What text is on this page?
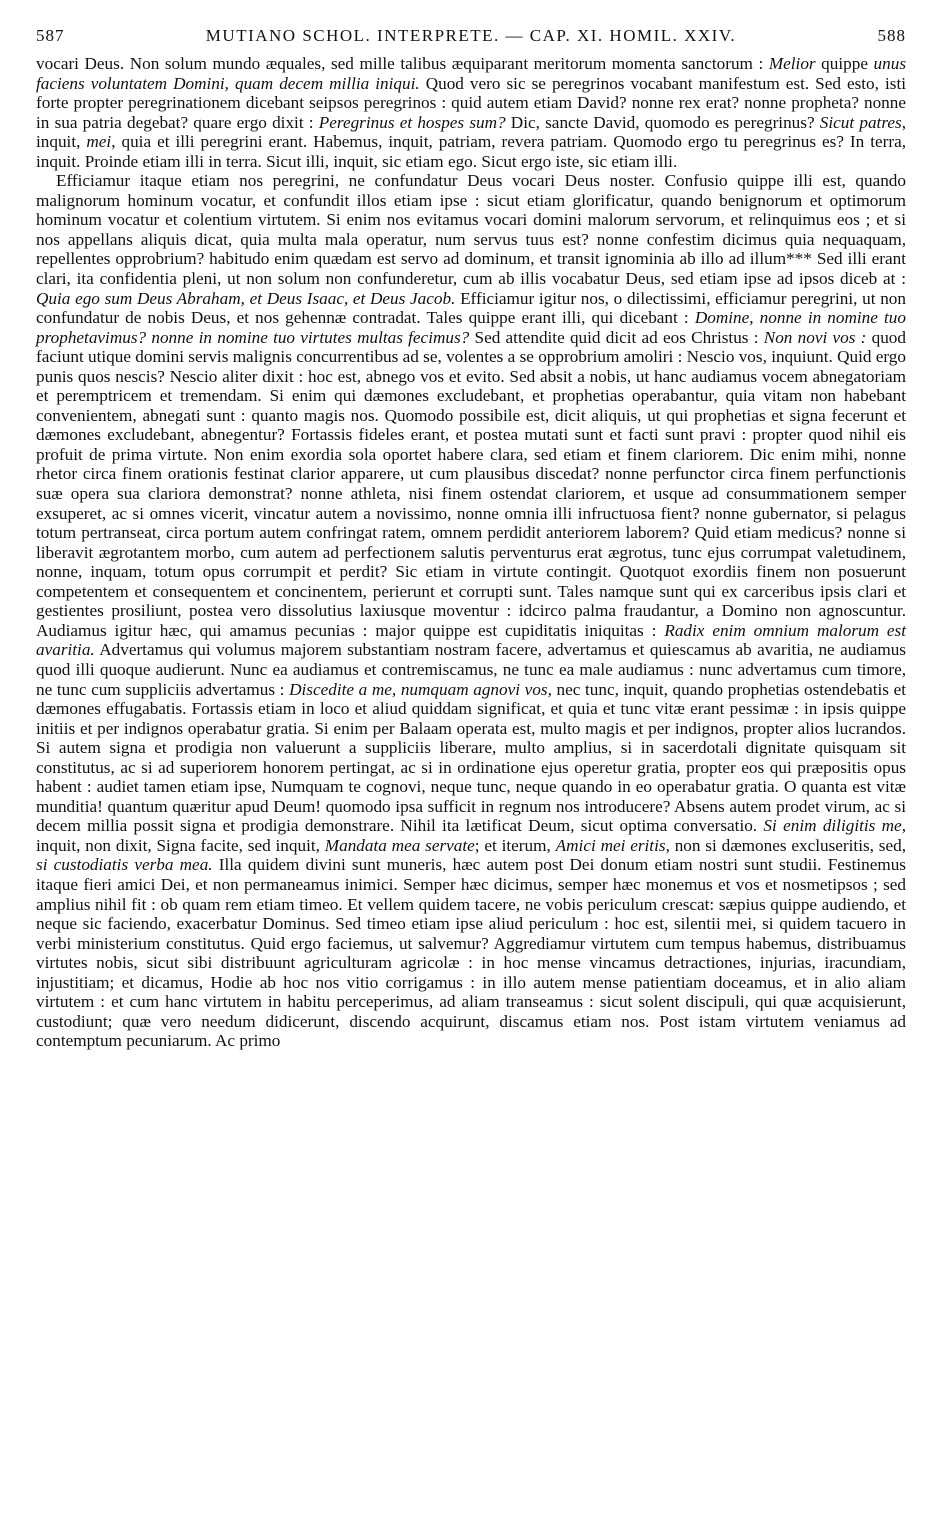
587	MUTIANO SCHOL. INTERPRETE. — CAP. XI. HOMIL. XXIV.	588

vocari Deus. Non solum mundo æquales, sed mille talibus æquiparant meritorum momenta sanctorum : Melior quippe unus faciens voluntatem Domini, quam decem millia iniqui. Quod vero sic se peregrinos vocabant manifestum est. Sed esto, isti forte propter peregrinationem dicebant seipsos peregrinos : quid autem etiam David? nonne rex erat? nonne propheta? nonne in sua patria degebat? quare ergo dixit : Peregrinus et hospes sum? Dic, sancte David, quomodo es peregrinus? Sicut patres, inquit, mei, quia et illi peregrini erant. Habemus, inquit, patriam, revera patriam. Quomodo ergo tu peregrinus es? In terra, inquit. Proinde etiam illi in terra. Sicut illi, inquit, sic etiam ego. Sicut ergo iste, sic etiam illi.

Efficiamur itaque etiam nos peregrini, ne confundatur Deus vocari Deus noster. Confusio quippe illi est, quando malignorum hominum vocatur, et confundit illos etiam ipse : sicut etiam glorificatur, quando benignorum et optimorum hominum vocatur et colentium virtutem. Si enim nos evitamus vocari domini malorum servorum, et relinquimus eos ; et si nos appellans aliquis dicat, quia multa mala operatur, num servus tuus est? nonne confestim dicimus quia nequaquam, repellentes opprobrium? habitudo enim quædam est servo ad dominum, et transit ignominia ab illo ad illum*** Sed illi erant clari, ita confidentia pleni, ut non solum non confunderetur, cum ab illis vocabatur Deus, sed etiam ipse ad ipsos diceb at : Quia ego sum Deus Abraham, et Deus Isaac, et Deus Jacob. Efficiamur igitur nos, o dilectissimi, efficiamur peregrini, ut non confundatur de nobis Deus, et nos gehennæ contradat. Tales quippe erant illi, qui dicebant : Domine, nonne in nomine tuo prophetavimus? nonne in nomine tuo virtutes multas fecimus? Sed attendite quid dicit ad eos Christus : Non novi vos : quod faciunt utique domini servis malignis concurrentibus ad se, volentes a se opprobrium amoliri : Nescio vos, inquiunt. Quid ergo punis quos nescis? Nescio aliter dixit : hoc est, abnego vos et evito. Sed absit a nobis, ut hanc audiamus vocem abnegatoriam et peremptricem et tremendam. Si enim qui dæmones excludebant, et prophetias operabantur, quia vitam non habebant convenientem, abnegati sunt : quanto magis nos. Quomodo possibile est, dicit aliquis, ut qui prophetias et signa fecerunt et dæmones excludebant, abnegentur? Fortassis fideles erant, et postea mutati sunt et facti sunt pravi : propter quod nihil eis profuit de prima virtute. Non enim exordia sola oportet habere clara, sed etiam et finem clariorem. Dic enim mihi, nonne rhetor circa finem orationis festinat clarior apparere, ut cum plausibus discedat? nonne perfunctor circa finem perfunctionis suæ opera sua clariora demonstrat? nonne athleta, nisi finem ostendat clariorem, et usque ad consummationem semper exsuperet, ac si omnes vicerit, vincatur autem a novissimo, nonne omnia illi infructuosa fient? nonne gubernator, si pelagus totum pertranseat, circa portum autem confringat ratem, omnem perdidit anteriorem laborem? Quid etiam medicus? nonne si liberavit ægrotantem morbo, cum autem ad perfectionem salutis perventurus erat ægrotus, tunc ejus corrumpat valetudinem, nonne, inquam, totum opus corrumpit et perdit? Sic etiam in virtute contingit. Quotquot exordiis finem non posuerunt competentem et consequentem et concinentem, perierunt et corrupti sunt. Tales namque sunt qui ex carceribus ipsis clari et gestientes prosiliunt, postea vero dissolutius laxiusque moventur : idcirco palma fraudantur, a Domino non agnoscuntur. Audiamus igitur hæc, qui amamus pecunias : major quippe est cupiditatis iniquitas : Radix enim omnium malorum est avaritia. Advertamus qui volumus majorem substantiam nostram facere, advertamus et quiescamus ab avaritia, ne audiamus quod illi quoque audierunt. Nunc ea audiamus et contremiscamus, ne tunc ea male audiamus : nunc advertamus cum timore, ne tunc cum suppliciis advertamus : Discedite a me, numquam agnovi vos, nec tunc, inquit, quando prophetias ostendebatis et dæmones effugabatis. Fortassis etiam in loco et aliud quiddam significat, et quia et tunc vitæ erant pessimæ : in ipsis quippe initiis et per indignos operabatur gratia. Si enim per Balaam operata est, multo magis et per indignos, propter alios lucrandos. Si autem signa et prodigia non valuerunt a suppliciis liberare, multo amplius, si in sacerdotali dignitate quisquam sit constitutus, ac si ad superiorem honorem pertingat, ac si in ordinatione ejus operetur gratia, propter eos qui præpositis opus habent : audiet tamen etiam ipse, Numquam te cognovi, neque tunc, neque quando in eo operabatur gratia. O quanta est vitæ munditia! quantum quæritur apud Deum! quomodo ipsa sufficit in regnum nos introducere? Absens autem prodet virum, ac si decem millia possit signa et prodigia demonstrare. Nihil ita lætificat Deum, sicut optima conversatio. Si enim diligitis me, inquit, non dixit, Signa facite, sed inquit, Mandata mea servate; et iterum, Amici mei eritis, non si dæmones excluseritis, sed, si custodiatis verba mea. Illa quidem divini sunt muneris, hæc autem post Dei donum etiam nostri sunt studii. Festinemus itaque fieri amici Dei, et non permaneamus inimici. Semper hæc dicimus, semper hæc monemus et vos et nosmetipsos ; sed amplius nihil fit : ob quam rem etiam timeo. Et vellem quidem tacere, ne vobis periculum crescat: sæpius quippe audiendo, et neque sic faciendo, exacerbatur Dominus. Sed timeo etiam ipse aliud periculum : hoc est, silentii mei, si quidem tacuero in verbi ministerium constitutus. Quid ergo faciemus, ut salvemur? Aggrediamur virtutem cum tempus habemus, distribuamus virtutes nobis, sicut sibi distribuunt agriculturam agricolæ : in hoc mense vincamus detractiones, injurias, iracundiam, injustitiam; et dicamus, Hodie ab hoc nos vitio corrigamus : in illo autem mense patientiam doceamus, et in alio aliam virtutem : et cum hanc virtutem in habitu perceperimus, ad aliam transeamus : sicut solent discipuli, qui quæ acquisierunt, custodiunt; quæ vero needum didicerunt, discendo acquirunt, discamus etiam nos. Post istam virtutem veniamus ad contemptum pecuniarum. Ac primo
